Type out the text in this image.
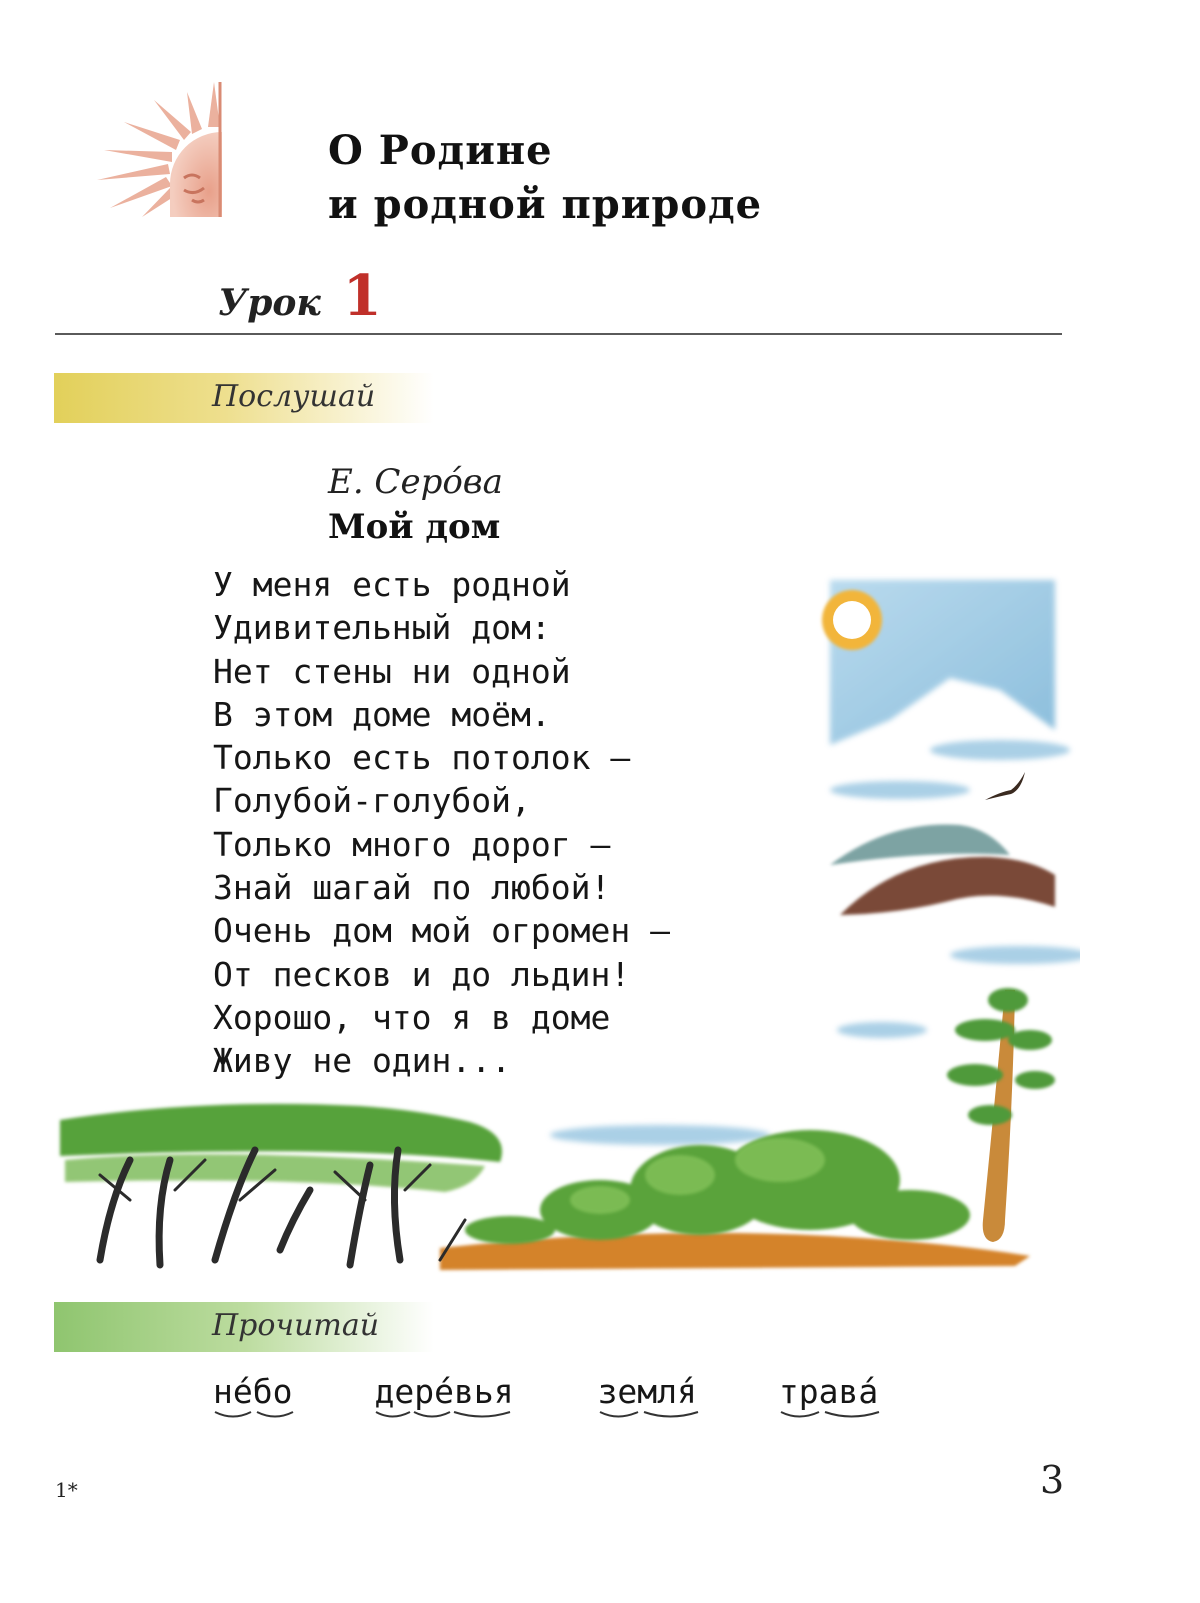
О Родине
и родной природе
Урок 1
Послушай
Е. Серо́ва
Мой дом
У меня есть родной
Удивительный дом:
Нет стены ни одной
В этом доме моём.
Только есть потолок —
Голубой-голубой,
Только много дорог —
Знай шагай по любой!
Очень дом мой огромен —
От песков и до льдин!
Хорошо, что я в доме
Живу не один...
Прочитай
не́бо дере́вья	земля́ трава́
1*	3
